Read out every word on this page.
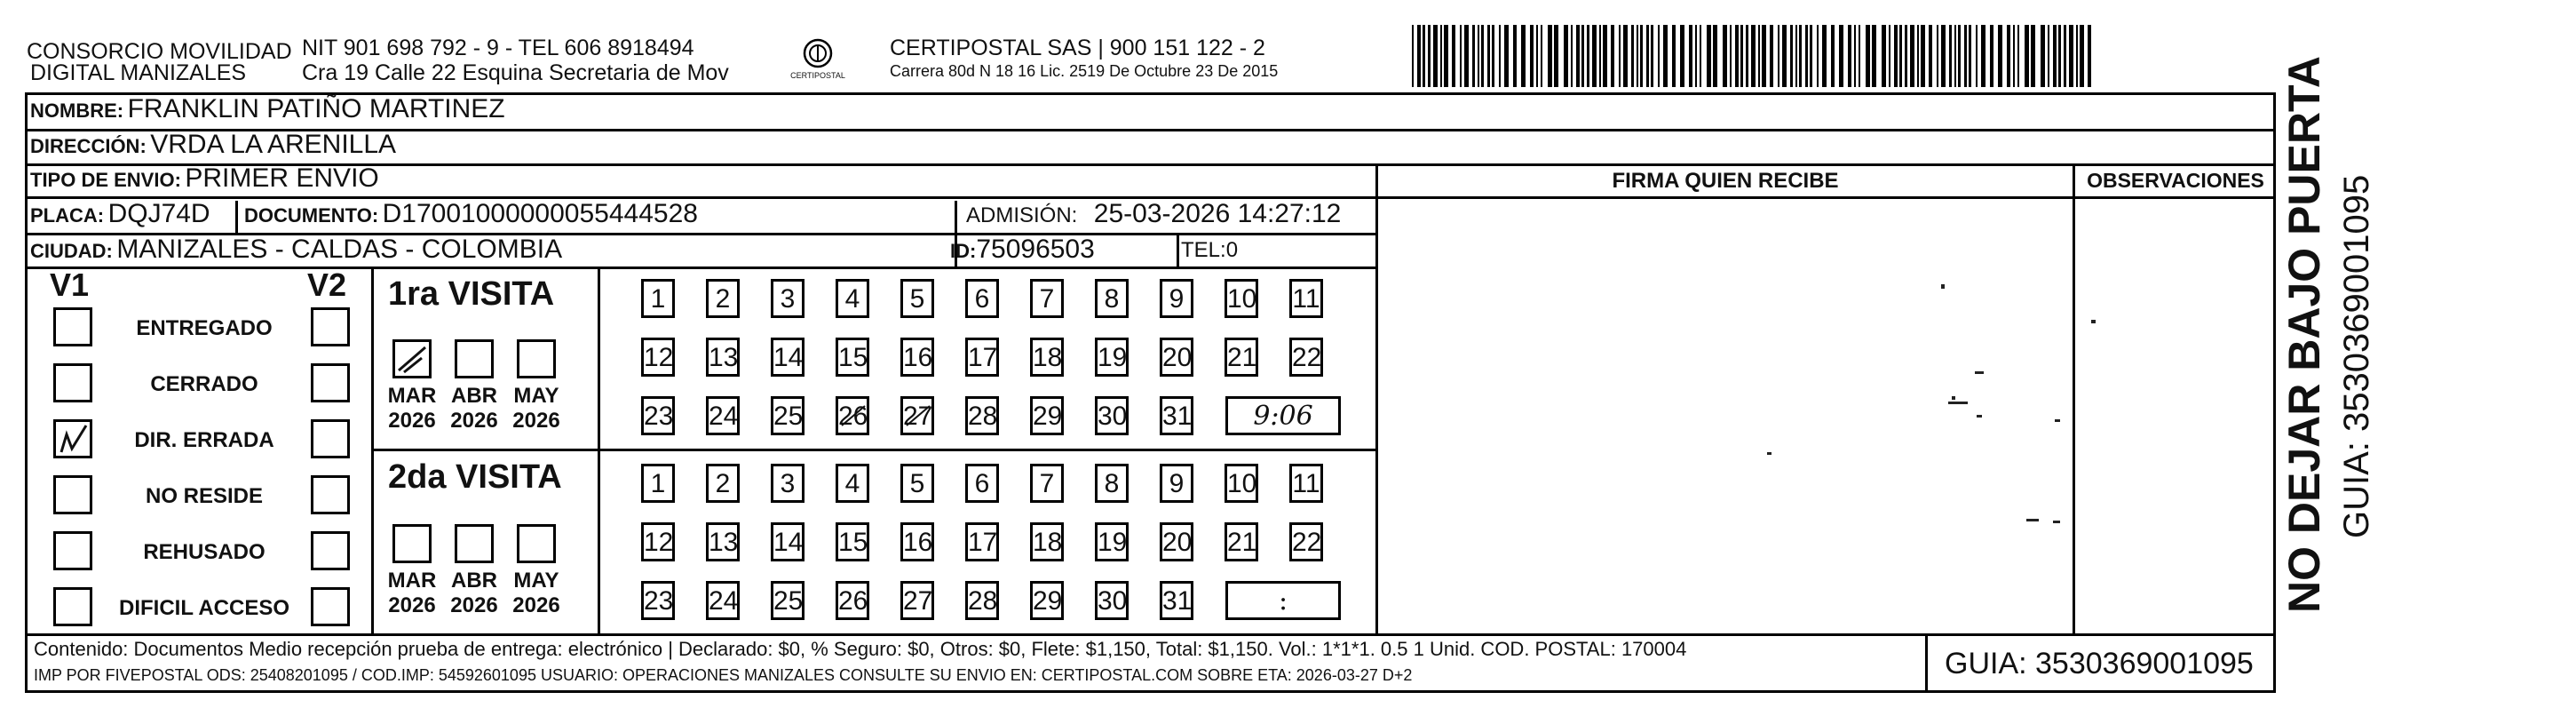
CONSORCIO MOVILIDAD
DIGITAL MANIZALES
NIT 901 698 792 - 9 - TEL 606 8918494
Cra 19 Calle 22 Esquina Secretaria de Mov	CERTIPOSTAL
CERTIPOSTAL SAS | 900 151 122 - 2
Carrera 80d N 18 16 Lic. 2519 De Octubre 23 De 2015
NOMBRE: FRANKLIN PATIÑO MARTINEZ
DIRECCIÓN: VRDA LA ARENILLA
TIPO DE ENVIO: PRIMER ENVIO
PLACA: DQJ74D DOCUMENTO: D17001000000055444528	ADMISIÓN: 25-03-2026 14:27:12
CIUDAD: MANIZALES - CALDAS - COLOMBIA	ID:75096503	TEL:0
FIRMA QUIEN RECIBE	OBSERVACIONES
V1	V2
ENTREGADO
CERRADO
DIR. ERRADA
NO RESIDE
REHUSADO
DIFICIL ACCESO
1ra VISITA
2da VISITA
MAR
2026
ABR
2026
MAY
2026
1	2	3	4	5	6	7	8	9	10 11
12 13 14 15 16 17 18 19 20 21 22
23 24 25 26 27 28 29 30 31	9:06
MAR
2026
ABR
2026
MAY
2026
1	2	3	4	5	6	7	8	9	10 11
12 13 14 15 16 17 18 19 20 21 22
23 24 25 26 27 28 29 30 31	:
Contenido: Documentos Medio recepción prueba de entrega: electrónico | Declarado: $0, % Seguro: $0, Otros: $0, Flete: $1,150, Total: $1,150. Vol.: 1*1*1. 0.5 1 Unid. COD. POSTAL: 170004
IMP POR FIVEPOSTAL ODS: 25408201095 / COD.IMP: 54592601095 USUARIO: OPERACIONES MANIZALES CONSULTE SU ENVIO EN: CERTIPOSTAL.COM SOBRE ETA: 2026-03-27 D+2	GUIA: 3530369001095
NO DEJAR BAJO PUERTA GUIA: 3530369001095
